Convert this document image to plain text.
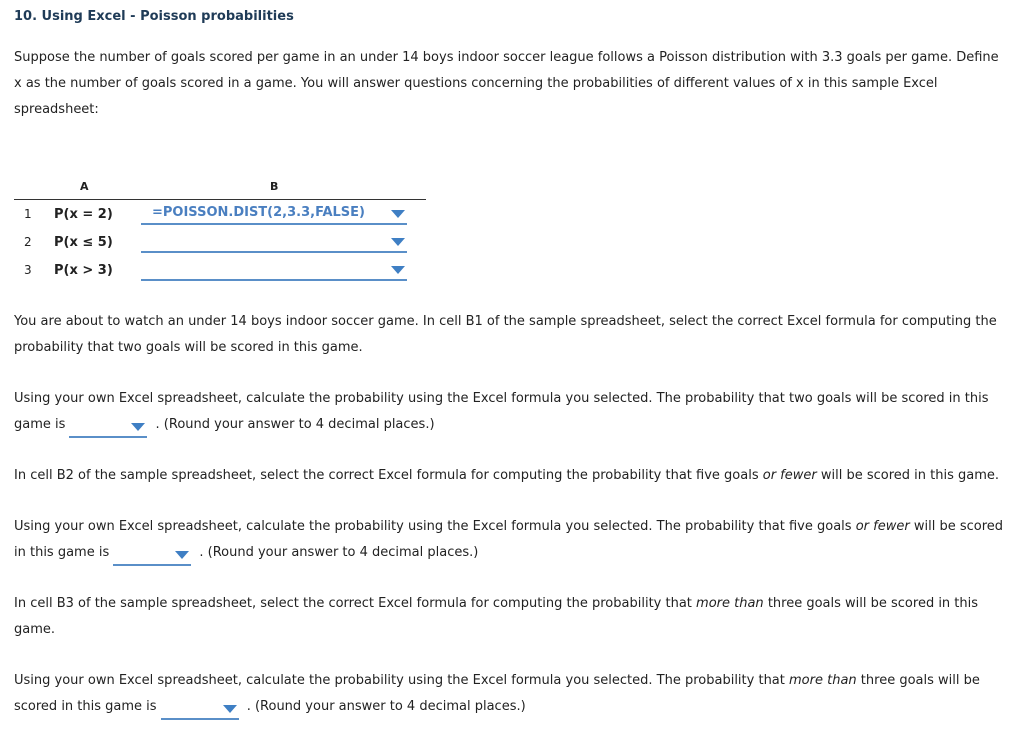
10. Using Excel - Poisson probabilities
Suppose the number of goals scored per game in an under 14 boys indoor soccer league follows a Poisson distribution with 3.3 goals per game. Define x as the number of goals scored in a game. You will answer questions concerning the probabilities of different values of x in this sample Excel spreadsheet:
A	B
1 P(x = 2)	=POISSON.DIST(2,3.3,FALSE)
2 P(x ≤ 5)
3 P(x > 3)
You are about to watch an under 14 boys indoor soccer game. In cell B1 of the sample spreadsheet, select the correct Excel formula for computing the probability that two goals will be scored in this game.
Using your own Excel spreadsheet, calculate the probability using the Excel formula you selected. The probability that two goals will be scored in this game is	. (Round your answer to 4 decimal places.)
In cell B2 of the sample spreadsheet, select the correct Excel formula for computing the probability that five goals or fewer will be scored in this game.
Using your own Excel spreadsheet, calculate the probability using the Excel formula you selected. The probability that five goals or fewer will be scored in this game is	. (Round your answer to 4 decimal places.)
In cell B3 of the sample spreadsheet, select the correct Excel formula for computing the probability that more than three goals will be scored in this game.
Using your own Excel spreadsheet, calculate the probability using the Excel formula you selected. The probability that more than three goals will be scored in this game is	. (Round your answer to 4 decimal places.)
